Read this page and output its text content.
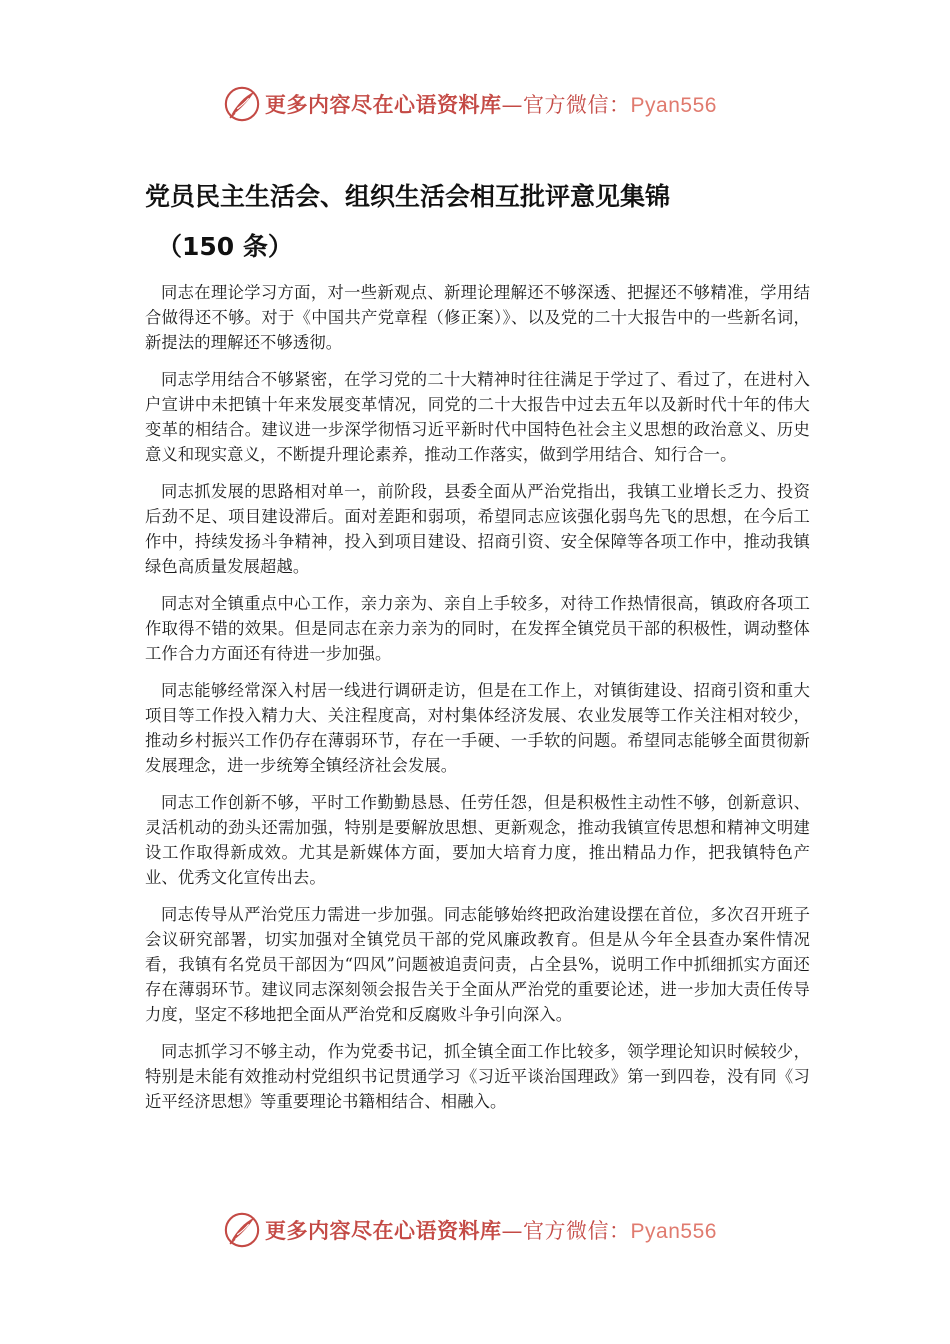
更多内容尽在心语资料库—官方微信：Pyan556
党员民主生活会、组织生活会相互批评意见集锦
（150 条）

同志在理论学习方面，对一些新观点、新理论理解还不够深透、把握还不够精准，学用结合做得还不够。对于《中国共产党章程（修正案）》、以及党的二十大报告中的一些新名词，新提法的理解还不够透彻。

同志学用结合不够紧密，在学习党的二十大精神时往往满足于学过了、看过了，在进村入户宣讲中未把镇十年来发展变革情况，同党的二十大报告中过去五年以及新时代十年的伟大变革的相结合。建议进一步深学彻悟习近平新时代中国特色社会主义思想的政治意义、历史意义和现实意义，不断提升理论素养，推动工作落实，做到学用结合、知行合一。

同志抓发展的思路相对单一，前阶段，县委全面从严治党指出，我镇工业增长乏力、投资后劲不足、项目建设滞后。面对差距和弱项，希望同志应该强化弱鸟先飞的思想，在今后工作中，持续发扬斗争精神，投入到项目建设、招商引资、安全保障等各项工作中，推动我镇绿色高质量发展超越。

同志对全镇重点中心工作，亲力亲为、亲自上手较多，对待工作热情很高，镇政府各项工作取得不错的效果。但是同志在亲力亲为的同时，在发挥全镇党员干部的积极性，调动整体工作合力方面还有待进一步加强。

同志能够经常深入村居一线进行调研走访，但是在工作上，对镇街建设、招商引资和重大项目等工作投入精力大、关注程度高，对村集体经济发展、农业发展等工作关注相对较少，推动乡村振兴工作仍存在薄弱环节，存在一手硬、一手软的问题。希望同志能够全面贯彻新发展理念，进一步统筹全镇经济社会发展。

同志工作创新不够，平时工作勤勤恳恳、任劳任怨，但是积极性主动性不够，创新意识、灵活机动的劲头还需加强，特别是要解放思想、更新观念，推动我镇宣传思想和精神文明建设工作取得新成效。尤其是新媒体方面，要加大培育力度，推出精品力作，把我镇特色产业、优秀文化宣传出去。

同志传导从严治党压力需进一步加强。同志能够始终把政治建设摆在首位，多次召开班子会议研究部署，切实加强对全镇党员干部的党风廉政教育。但是从今年全县查办案件情况看，我镇有名党员干部因为“四风”问题被追责问责，占全县%，说明工作中抓细抓实方面还存在薄弱环节。建议同志深刻领会报告关于全面从严治党的重要论述，进一步加大责任传导力度，坚定不移地把全面从严治党和反腐败斗争引向深入。

同志抓学习不够主动，作为党委书记，抓全镇全面工作比较多，领学理论知识时候较少，特别是未能有效推动村党组织书记贯通学习《习近平谈治国理政》第一到四卷，没有同《习近平经济思想》等重要理论书籍相结合、相融入。

更多内容尽在心语资料库—官方微信：Pyan556
